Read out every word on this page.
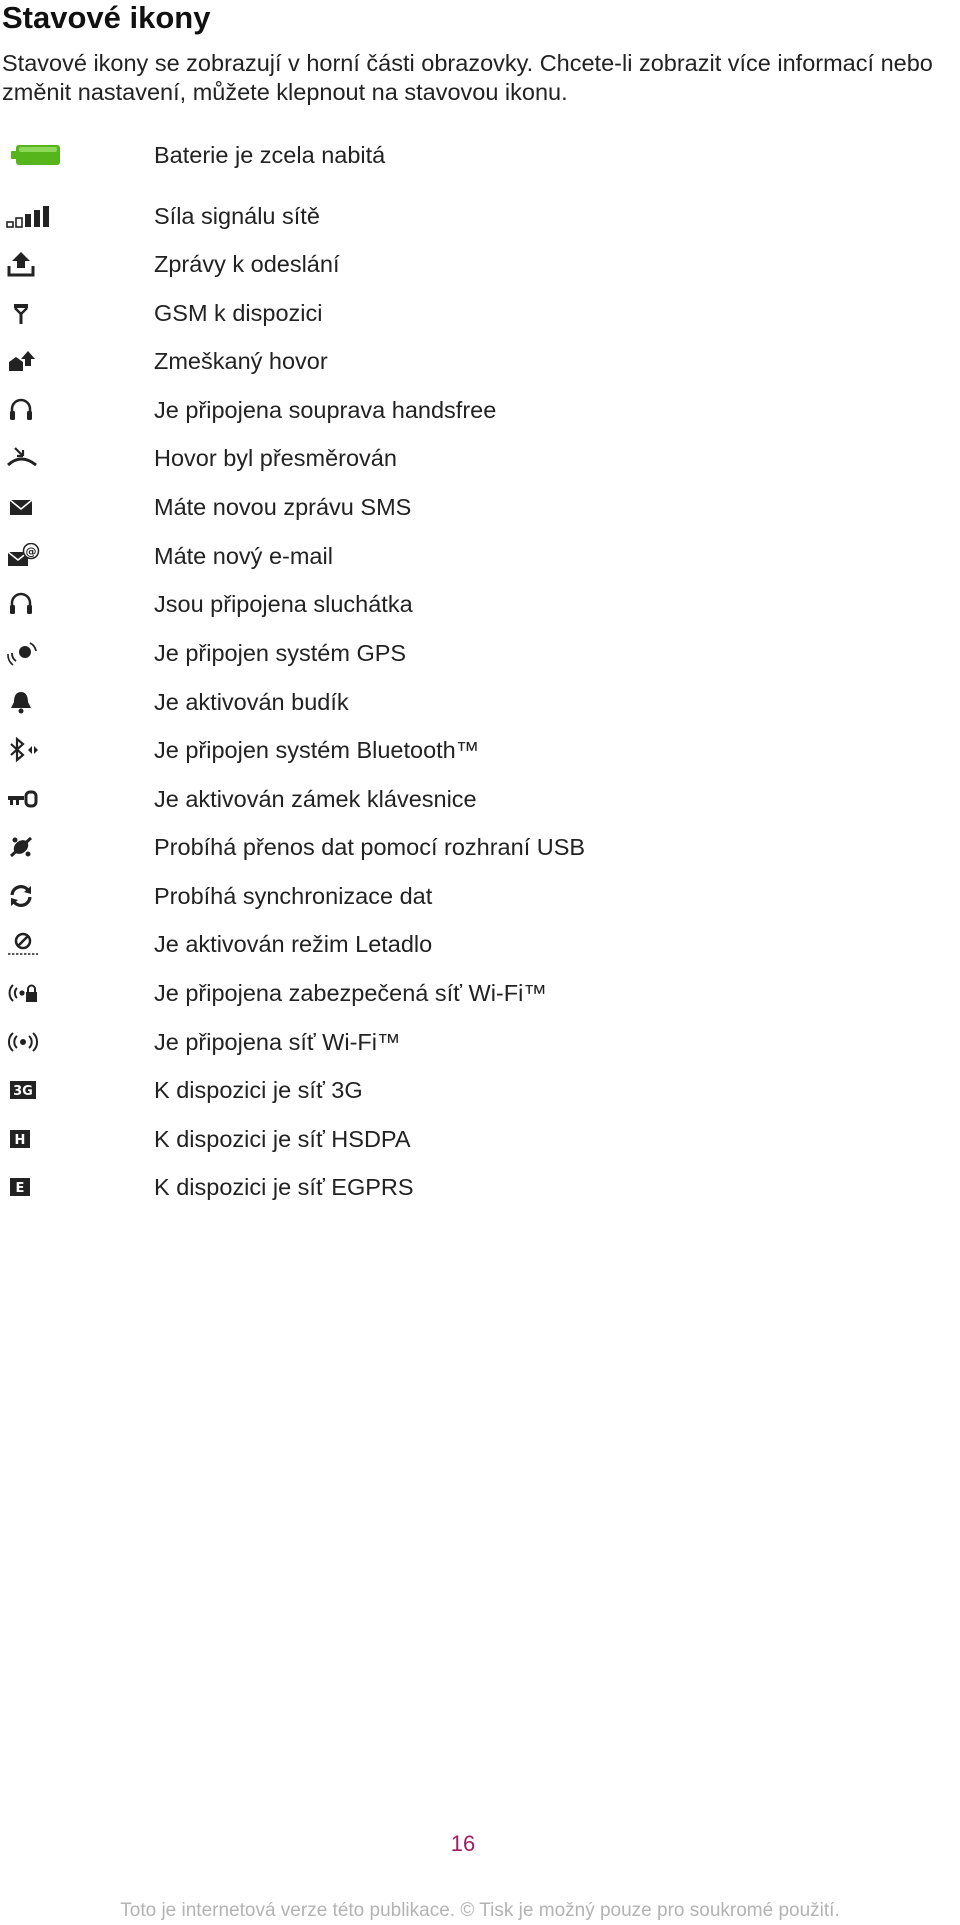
Stavové ikony

Stavové ikony se zobrazují v horní části obrazovky. Chcete-li zobrazit více informací nebo změnit nastavení, můžete klepnout na stavovou ikonu.

Baterie je zcela nabitá
Síla signálu sítě
Zprávy k odeslání
GSM k dispozici
Zmeškaný hovor
Je připojena souprava handsfree
Hovor byl přesměrován
Máte novou zprávu SMS
@	Máte nový e-mail
Jsou připojena sluchátka
Je připojen systém GPS
Je aktivován budík
Je připojen systém Bluetooth™
Je aktivován zámek klávesnice
Probíhá přenos dat pomocí rozhraní USB
Probíhá synchronizace dat
Je aktivován režim Letadlo
Je připojena zabezpečená síť Wi-Fi™
Je připojena síť Wi-Fi™
3G	K dispozici je síť 3G
H	K dispozici je síť HSDPA
E	K dispozici je síť EGPRS
16
Toto je internetová verze této publikace. © Tisk je možný pouze pro soukromé použití.
